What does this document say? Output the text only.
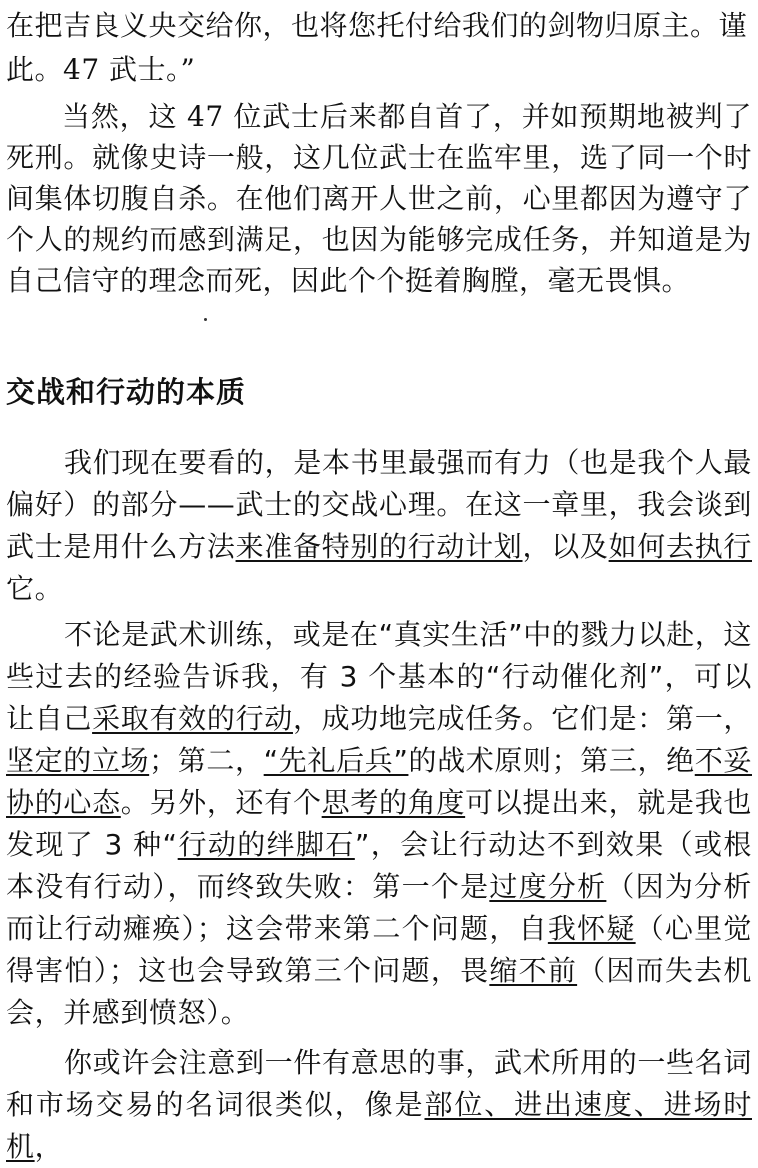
在把吉良义央交给你，也将您托付给我们的剑物归原主。谨
此。47 武士。”

当然，这 47 位武士后来都自首了，并如预期地被判了死刑。就像史诗一般，这几位武士在监牢里，选了同一个时间集体切腹自杀。在他们离开人世之前，心里都因为遵守了个人的规约而感到满足，也因为能够完成任务，并知道是为自己信守的理念而死，因此个个挺着胸膛，毫无畏惧。

交战和行动的本质

我们现在要看的，是本书里最强而有力（也是我个人最偏好）的部分——武士的交战心理。在这一章里，我会谈到武士是用什么方法来准备特别的行动计划，以及如何去执行它。

不论是武术训练，或是在“真实生活”中的戮力以赴，这些过去的经验告诉我，有 3 个基本的“行动催化剂”，可以让自己采取有效的行动，成功地完成任务。它们是：第一，坚定的立场；第二，“先礼后兵”的战术原则；第三，绝不妥协的心态。另外，还有个思考的角度可以提出来，就是我也发现了 3 种“行动的绊脚石”，会让行动达不到效果（或根本没有行动），而终致失败：第一个是过度分析（因为分析而让行动瘫痪）；这会带来第二个问题，自我怀疑（心里觉得害怕）；这也会导致第三个问题，畏缩不前（因而失去机会，并感到愤怒）。

你或许会注意到一件有意思的事，武术所用的一些名词和市场交易的名词很类似，像是部位、进出速度、进场时机，
